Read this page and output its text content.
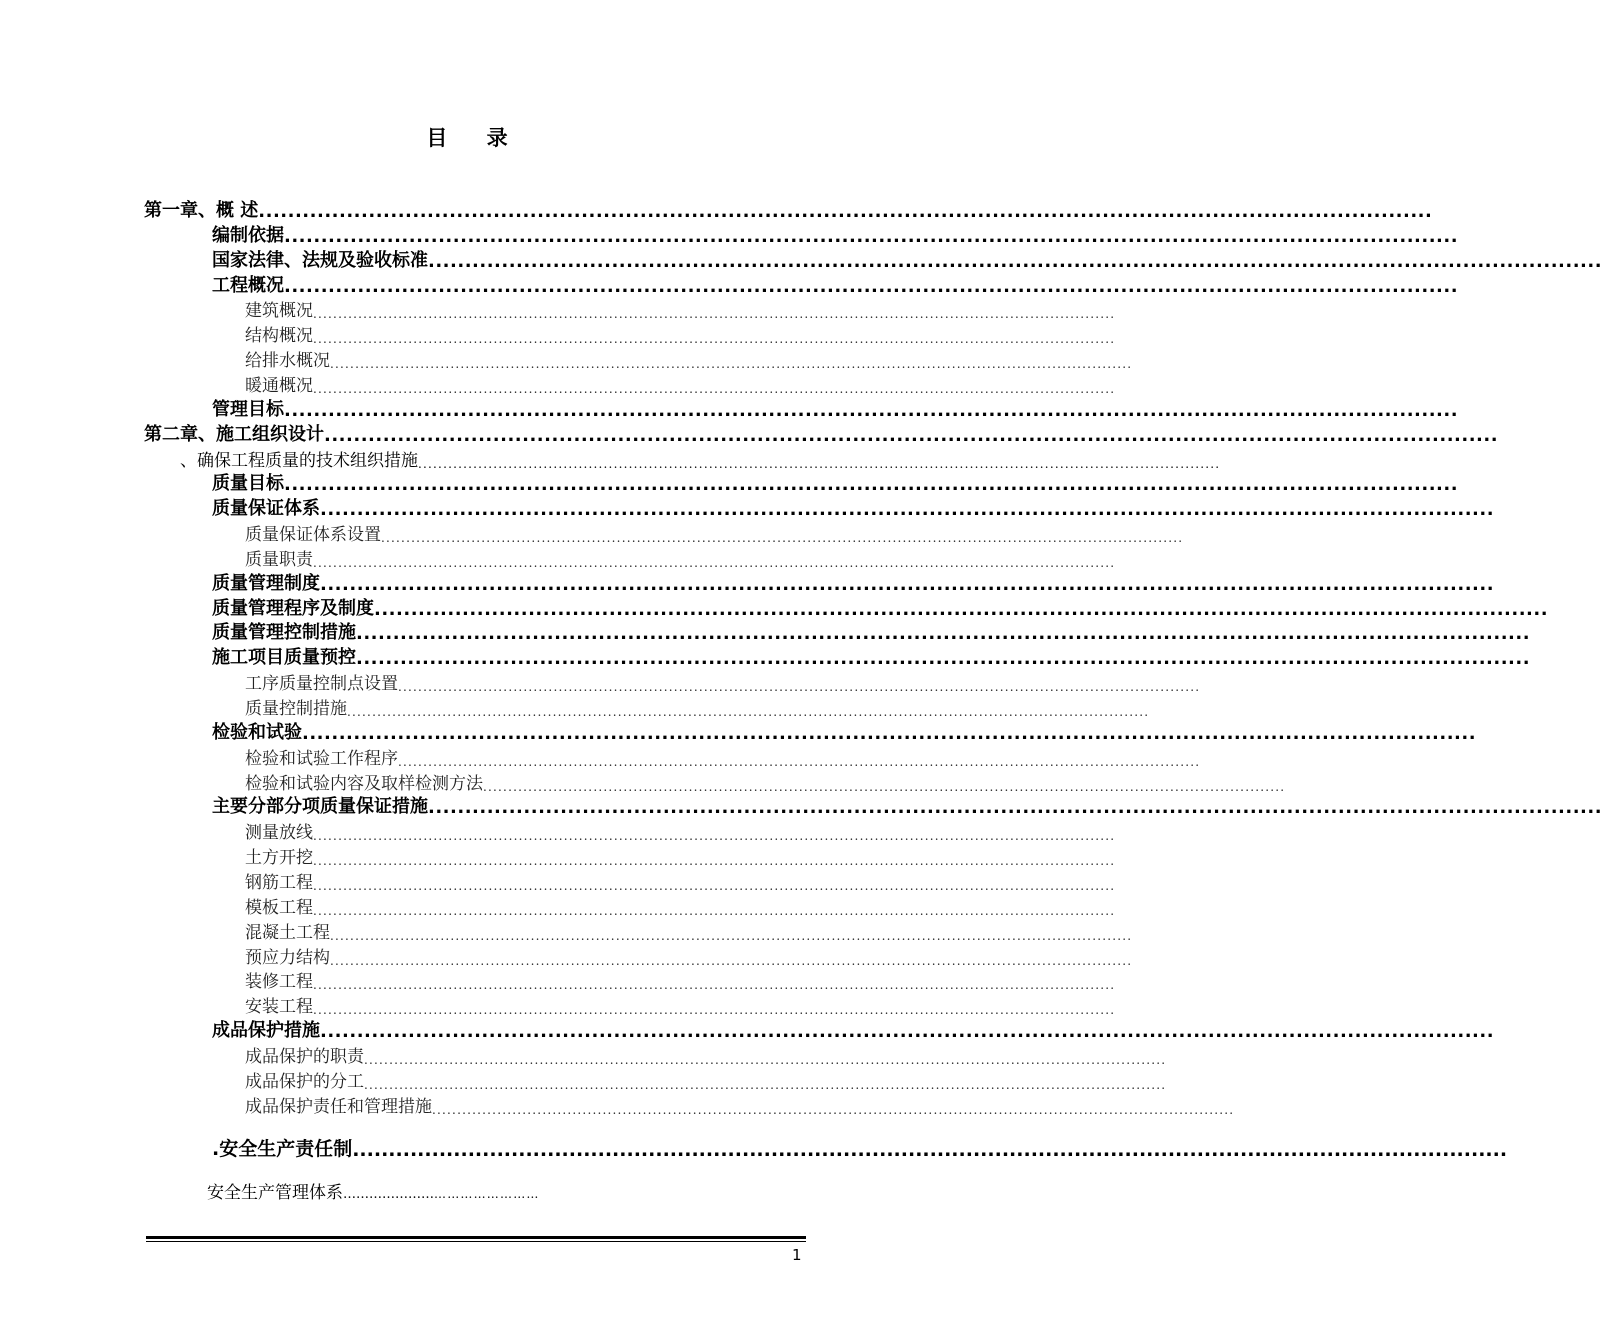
目 录
第一章、概 述 ................................................................................................................................................................
编制依据 ................................................................................................................................................................
国家法律、法规及验收标准 ................................................................................................................................................................
工程概况 ................................................................................................................................................................
建筑概况 ................................................................................................................................................................
结构概况 ................................................................................................................................................................
给排水概况 ................................................................................................................................................................
暖通概况 ................................................................................................................................................................
管理目标 ................................................................................................................................................................
第二章、施工组织设计 ................................................................................................................................................................
、确保工程质量的技术组织措施 ................................................................................................................................................................
质量目标 ................................................................................................................................................................
质量保证体系 ................................................................................................................................................................
质量保证体系设置 ................................................................................................................................................................
质量职责 ................................................................................................................................................................
质量管理制度 ................................................................................................................................................................
质量管理程序及制度 ................................................................................................................................................................
质量管理控制措施 ................................................................................................................................................................
施工项目质量预控 ................................................................................................................................................................
工序质量控制点设置 ................................................................................................................................................................
质量控制措施 ................................................................................................................................................................
检验和试验 ................................................................................................................................................................
检验和试验工作程序 ................................................................................................................................................................
检验和试验内容及取样检测方法 ................................................................................................................................................................
主要分部分项质量保证措施 ................................................................................................................................................................
测量放线 ................................................................................................................................................................
土方开挖 ................................................................................................................................................................
钢筋工程 ................................................................................................................................................................
模板工程 ................................................................................................................................................................
混凝土工程 ................................................................................................................................................................
预应力结构 ................................................................................................................................................................
装修工程 ................................................................................................................................................................
安装工程 ................................................................................................................................................................
成品保护措施 ................................................................................................................................................................
成品保护的职责 ................................................................................................................................................................
成品保护的分工 ................................................................................................................................................................
成品保护责任和管理措施 ................................................................................................................................................................
.安全生产责任制 ................................................................................................................................................................
安全生产管理体系………………………………………
1
